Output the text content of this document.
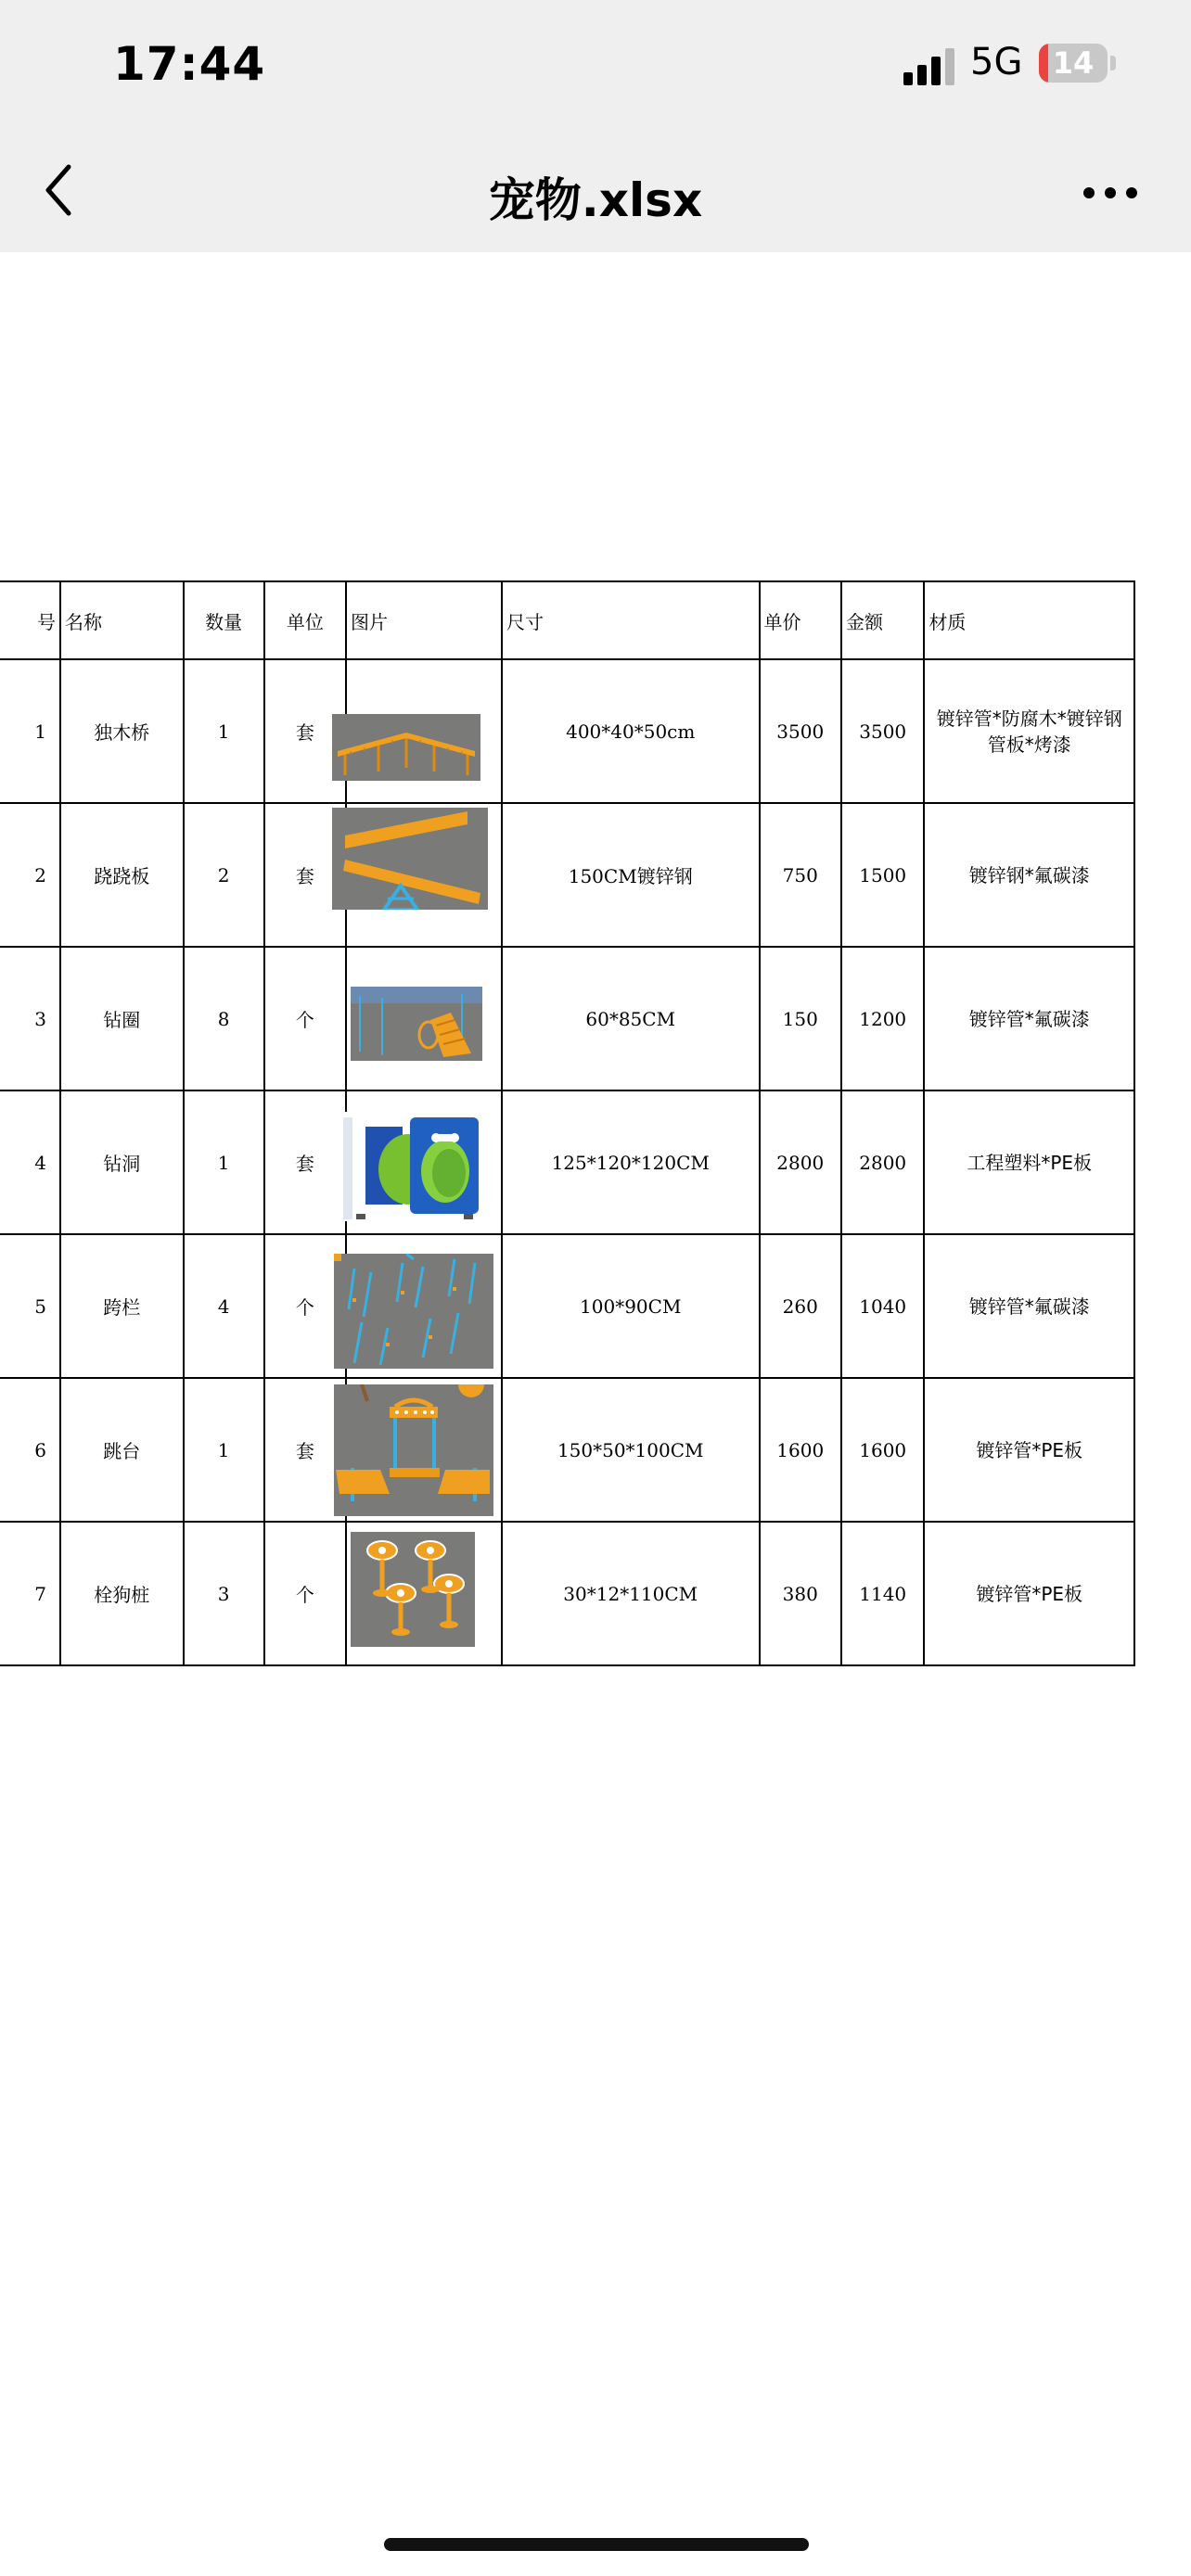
17:44	5G	14
宠物.xlsx
号	名称	数量	单位	图片	尺寸	单价	金额	材质
1	独木桥	1	套		400*40*50cm	3500	3500	镀锌管*防腐木*镀锌钢管板*烤漆
2	跷跷板	2	套		150CM镀锌钢	750	1500	镀锌钢*氟碳漆
3	钻圈	8	个		60*85CM	150	1200	镀锌管*氟碳漆
4	钻洞	1	套		125*120*120CM	2800	2800	工程塑料*PE板
5	跨栏	4	个		100*90CM	260	1040	镀锌管*氟碳漆
6	跳台	1	套		150*50*100CM	1600	1600	镀锌管*PE板
7	栓狗桩	3	个		30*12*110CM	380	1140	镀锌管*PE板
